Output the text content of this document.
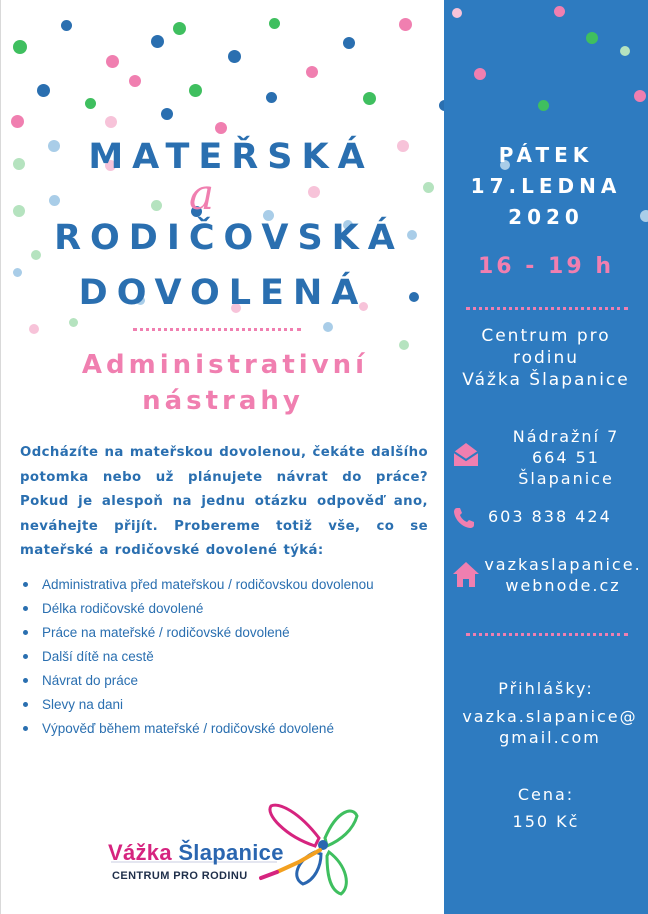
MATEŘSKÁ
a
RODIČOVSKÁ
DOVOLENÁ
Administrativní
nástrahy

Odcházíte na mateřskou dovolenou, čekáte dalšího potomka nebo už plánujete návrat do práce? Pokud je alespoň na jednu otázku odpověď ano, neváhejte přijít. Probereme totiž vše, co se mateřské a rodičovské dovolené týká:

Administrativa před mateřskou / rodičovskou dovolenou
Délka rodičovské dovolené
Práce na mateřské / rodičovské dovolené
Další dítě na cestě
Návrat do práce
Slevy na dani
Výpověď během mateřské / rodičovské dovolené
Vážka Šlapanice
CENTRUM PRO RODINU
PÁTEK
17.LEDNA
2020
16 - 19 h
Centrum pro
rodinu
Vážka Šlapanice
Nádražní 7
664 51
Šlapanice
603 838 424
vazkaslapanice.
webnode.cz
Přihlášky:
vazka.slapanice@
gmail.com
Cena:
150 Kč
